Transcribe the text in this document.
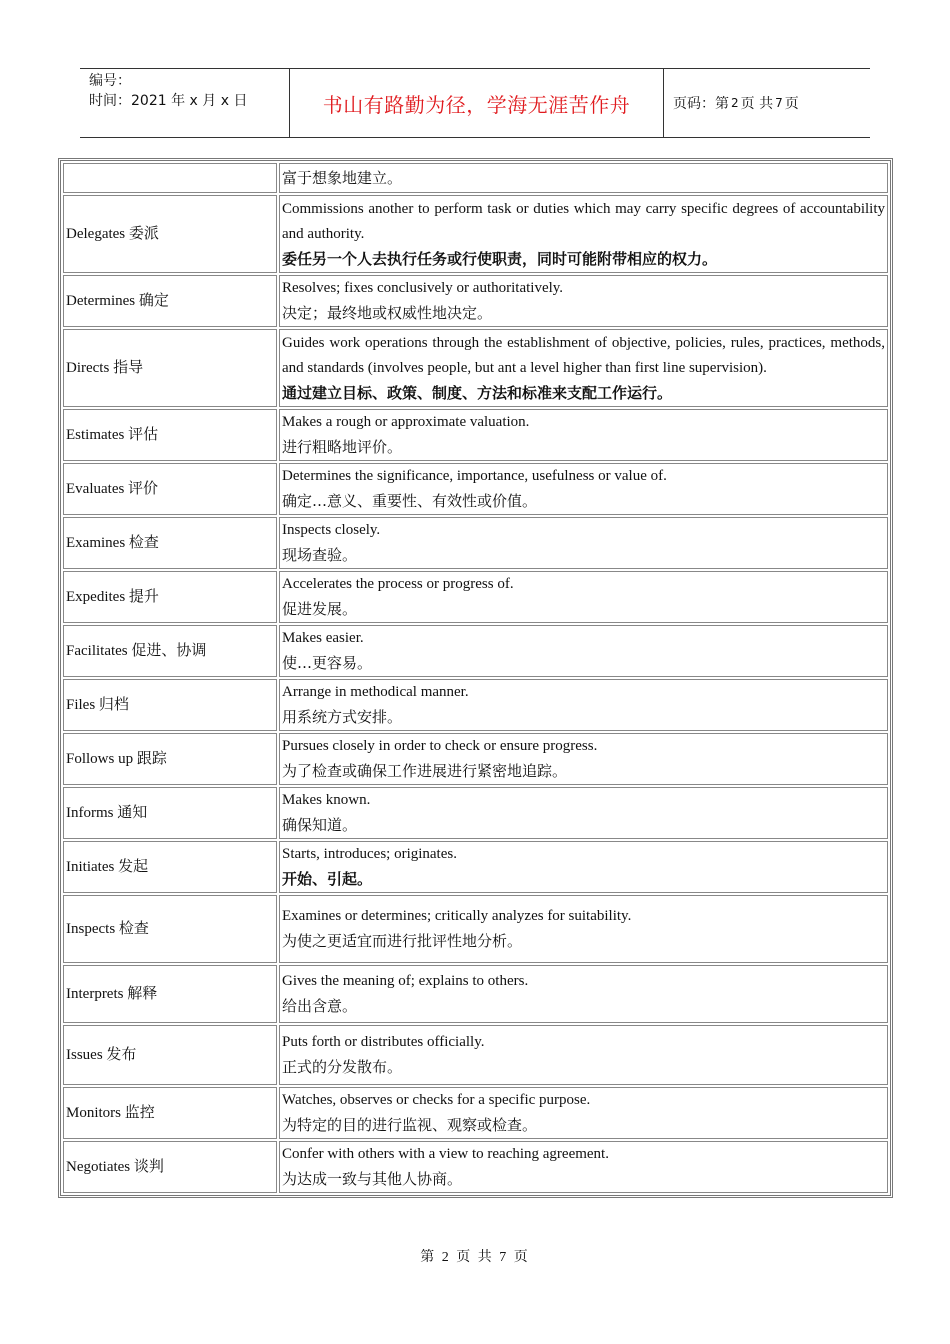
编号：
时间：2021 年 x 月 x 日	书山有路勤为径，学海无涯苦作舟	页码：第 2 页 共 7 页

	富于想象地建立。

Delegates 委派	Commissions another to perform task or duties which may carry specific degrees of accountability and authority.
委任另一个人去执行任务或行使职责，同时可能附带相应的权力。

Determines 确定	Resolves; fixes conclusively or authoritatively.
决定；最终地或权威性地决定。

Directs 指导	Guides work operations through the establishment of objective, policies, rules, practices, methods, and standards (involves people, but ant a level higher than first line supervision).
通过建立目标、政策、制度、方法和标准来支配工作运行。

Estimates 评估	Makes a rough or approximate valuation.
进行粗略地评价。

Evaluates 评价	Determines the significance, importance, usefulness or value of.
确定…意义、重要性、有效性或价值。

Examines 检查	Inspects closely.
现场查验。

Expedites 提升	Accelerates the process or progress of.
促进发展。

Facilitates 促进、协调	Makes easier.
使…更容易。

Files 归档	Arrange in methodical manner.
用系统方式安排。

Follows up 跟踪	Pursues closely in order to check or ensure progress.
为了检查或确保工作进展进行紧密地追踪。

Informs 通知	Makes known.
确保知道。

Initiates 发起	Starts, introduces; originates.
开始、引起。

Inspects 检查	Examines or determines; critically analyzes for suitability.
为使之更适宜而进行批评性地分析。

Interprets 解释	Gives the meaning of; explains to others.
给出含意。

Issues 发布	Puts forth or distributes officially.
正式的分发散布。

Monitors 监控	Watches, observes or checks for a specific purpose.
为特定的目的进行监视、观察或检查。

Negotiates 谈判	Confer with others with a view to reaching agreement.
为达成一致与其他人协商。
第 2 页 共 7 页
